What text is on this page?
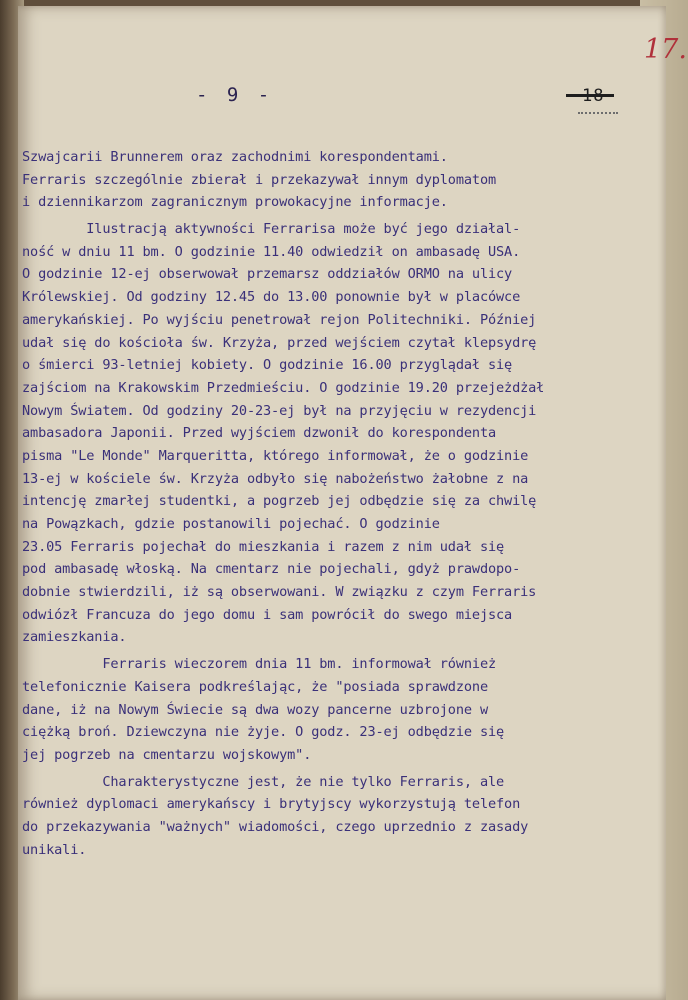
- 9 -	18
17.
Szwajcarii Brunnerem oraz zachodnimi korespondentami.
Ferraris szczególnie zbierał i przekazywał innym dyplomatom
i dziennikarzom zagranicznym prowokacyjne informacje.
Ilustracją aktywności Ferrarisa może być jego działal-
ność w dniu 11 bm. O godzinie 11.40 odwiedził on ambasadę USA.
O godzinie 12-ej obserwował przemarsz oddziałów ORMO na ulicy
Królewskiej. Od godziny 12.45 do 13.00 ponownie był w placówce
amerykańskiej. Po wyjściu penetrował rejon Politechniki. Później
udał się do kościoła św. Krzyża, przed wejściem czytał klepsydrę
o śmierci 93-letniej kobiety. O godzinie 16.00 przyglądał się
zajściom na Krakowskim Przedmieściu. O godzinie 19.20 przejeżdżał
Nowym Światem. Od godziny 20-23-ej był na przyjęciu w rezydencji
ambasadora Japonii. Przed wyjściem dzwonił do korespondenta
pisma "Le Monde" Marqueritta, którego informował, że o godzinie
13-ej w kościele św. Krzyża odbyło się nabożeństwo żałobne z na
intencję zmarłej studentki, a pogrzeb jej odbędzie się za chwilę
na Powązkach, gdzie postanowili pojechać. O godzinie
23.05 Ferraris pojechał do mieszkania i razem z nim udał się
pod ambasadę włoską. Na cmentarz nie pojechali, gdyż prawdopo-
dobnie stwierdzili, iż są obserwowani. W związku z czym Ferraris
odwiózł Francuza do jego domu i sam powrócił do swego miejsca
zamieszkania.
Ferraris wieczorem dnia 11 bm. informował również
telefonicznie Kaisera podkreślając, że "posiada sprawdzone
dane, iż na Nowym Świecie są dwa wozy pancerne uzbrojone w
ciężką broń. Dziewczyna nie żyje. O godz. 23-ej odbędzie się
jej pogrzeb na cmentarzu wojskowym".
Charakterystyczne jest, że nie tylko Ferraris, ale
również dyplomaci amerykańscy i brytyjscy wykorzystują telefon
do przekazywania "ważnych" wiadomości, czego uprzednio z zasady
unikali.
